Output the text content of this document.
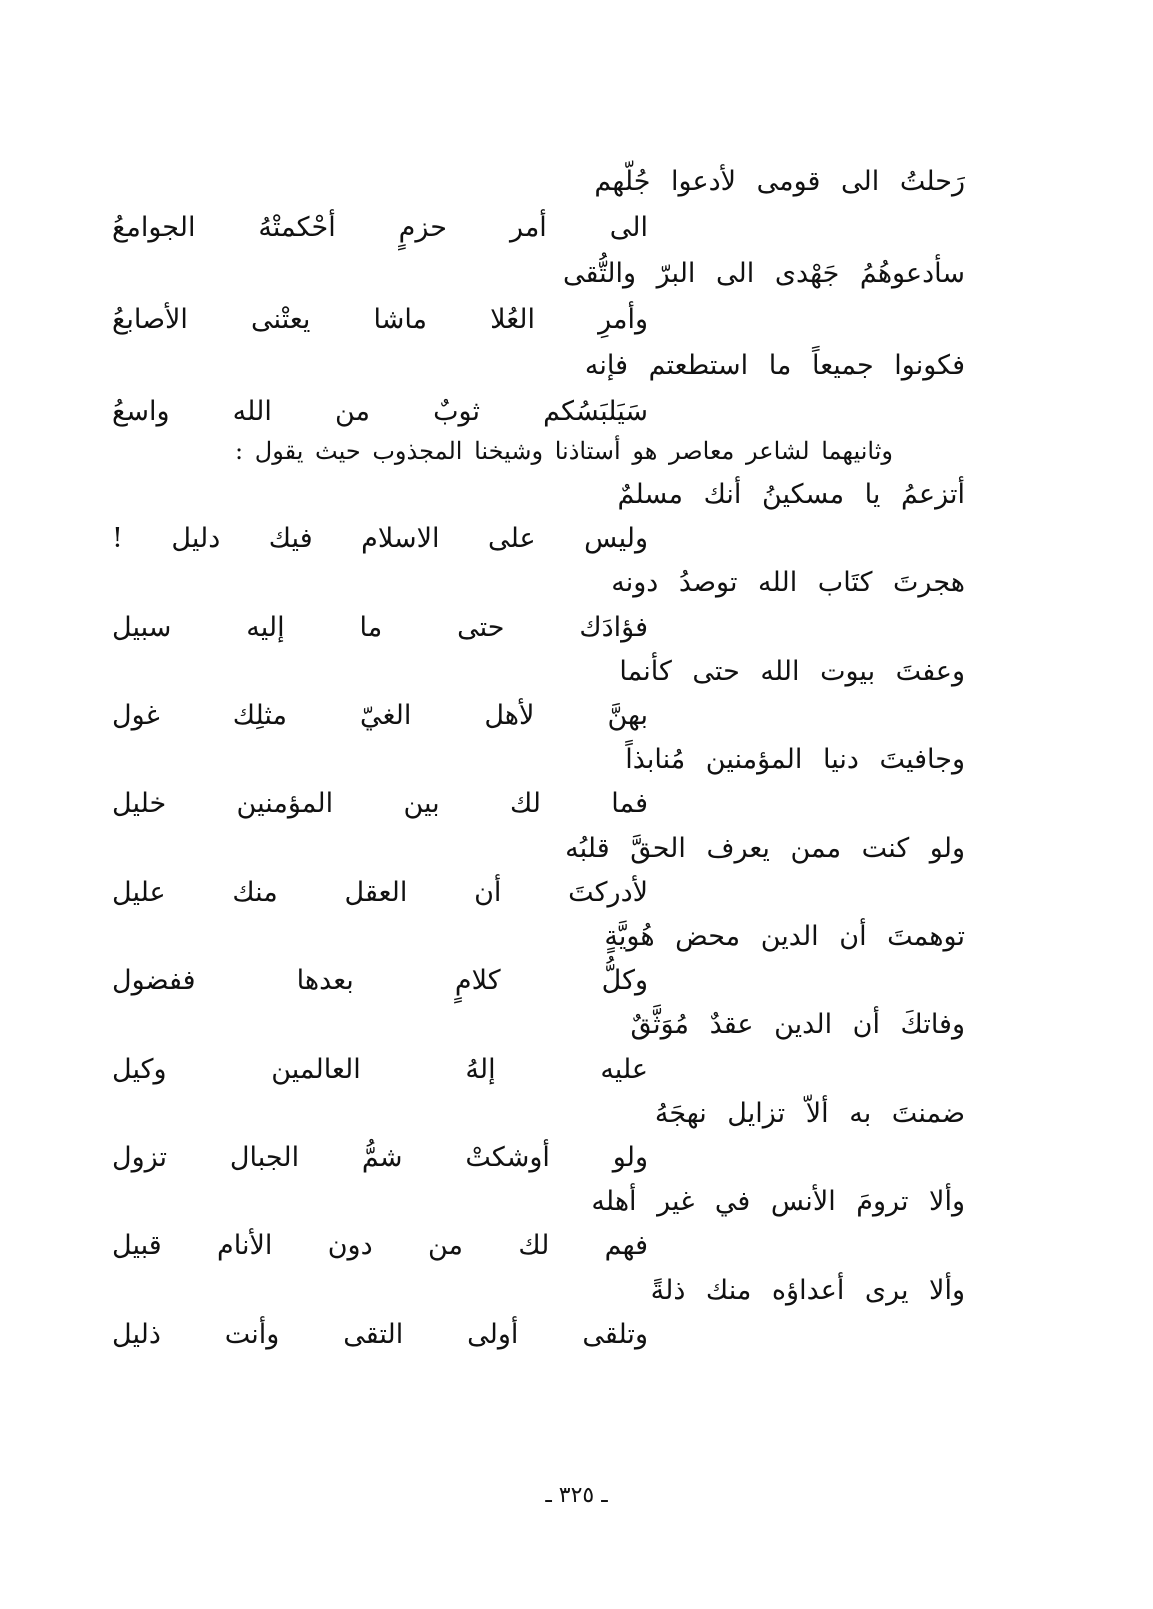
رَحلتُ الى قومى لأدعوا جُلّهم
الى أمر حزمٍ أحْكمتْهُ الجوامعُ
سأدعوهُمُ جَهْدى الى البرّ والتُّقى
وأمرِ العُلا ماشا يعتْنى الأصابعُ
فكونوا جميعاً ما استطعتم فإنه
سَيَلبَسُكم ثوبٌ من الله واسعُ
وثانيهما لشاعر معاصر هو أستاذنا وشيخنا المجذوب حيث يقول :
أتزعمُ يا مسكينُ أنك مسلمٌ
وليس على الاسلام فيك دليل !
هجرتَ كتَاب الله توصدُ دونه
فؤادَك حتى ما إليه سبيل
وعفتَ بيوت الله حتى كأنما
بهنَّ لأهل الغيّ مثلِك غول
وجافيتَ دنيا المؤمنين مُنابذاً
فما لك بين المؤمنين خليل
ولو كنت ممن يعرف الحقَّ قلبُه
لأدركتَ أن العقل منك عليل
توهمتَ أن الدين محض هُويَّةٍ
وكلُّ كلامٍ بعدها ففضول
وفاتكَ أن الدين عقدٌ مُوَثَّقٌ
عليه إلهُ العالمين وكيل
ضمنتَ به ألاّ تزايل نهجَهُ
ولو أوشكتْ شمُّ الجبال تزول
وألا ترومَ الأنس في غير أهله
فهم لك من دون الأنام قبيل
وألا يرى أعداؤه منك ذلةً
وتلقى أولى التقى وأنت ذليل
ـ ٣٢٥ ـ
